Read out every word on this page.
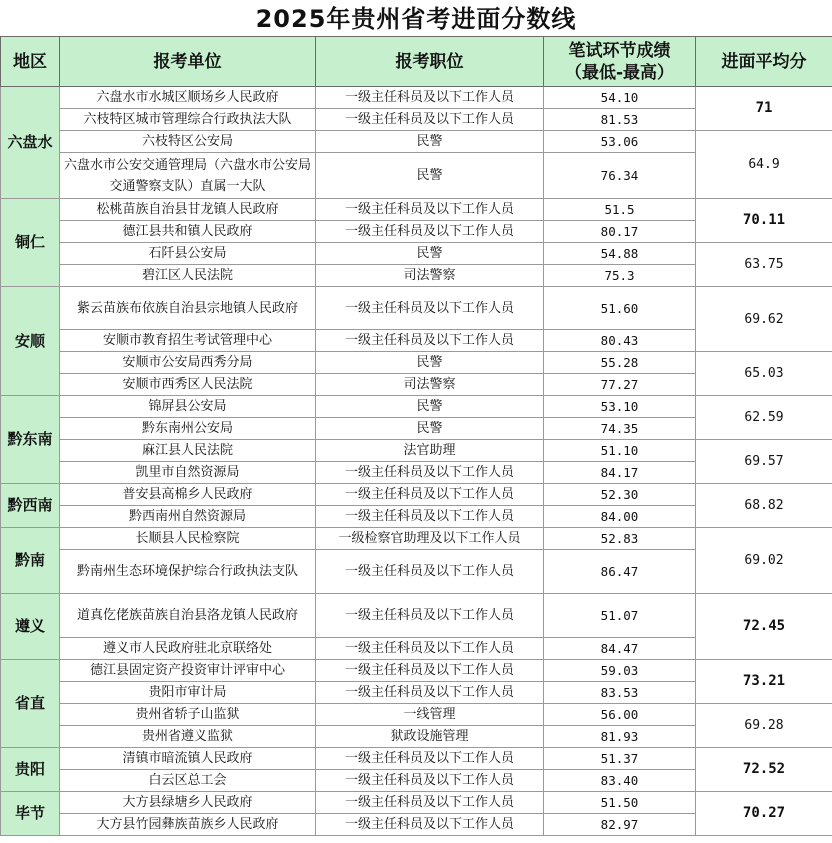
2025年贵州省考进面分数线
地区	报考单位	报考职位	笔试环节成绩
（最低-最高）	进面平均分
六盘水	六盘水市水城区顺场乡人民政府	一级主任科员及以下工作人员	54.10	71
	六枝特区城市管理综合行政执法大队	一级主任科员及以下工作人员	81.53	
	六枝特区公安局	民警	53.06	64.9
	六盘水市公安交通管理局（六盘水市公安局交通警察支队）直属一大队	民警	76.34	
铜仁	松桃苗族自治县甘龙镇人民政府	一级主任科员及以下工作人员	51.5	70.11
	德江县共和镇人民政府	一级主任科员及以下工作人员	80.17	
	石阡县公安局	民警	54.88	63.75
	碧江区人民法院	司法警察	75.3	
安顺	紫云苗族布依族自治县宗地镇人民政府	一级主任科员及以下工作人员	51.60	69.62
	安顺市教育招生考试管理中心	一级主任科员及以下工作人员	80.43	
	安顺市公安局西秀分局	民警	55.28	65.03
	安顺市西秀区人民法院	司法警察	77.27	
黔东南	锦屏县公安局	民警	53.10	62.59
	黔东南州公安局	民警	74.35	
	麻江县人民法院	法官助理	51.10	69.57
	凯里市自然资源局	一级主任科员及以下工作人员	84.17	
黔西南	普安县高棉乡人民政府	一级主任科员及以下工作人员	52.30	68.82
	黔西南州自然资源局	一级主任科员及以下工作人员	84.00	
黔南	长顺县人民检察院	一级检察官助理及以下工作人员	52.83	69.02
	黔南州生态环境保护综合行政执法支队	一级主任科员及以下工作人员	86.47	
遵义	道真仡佬族苗族自治县洛龙镇人民政府	一级主任科员及以下工作人员	51.07	72.45
	遵义市人民政府驻北京联络处	一级主任科员及以下工作人员	84.47	
省直	德江县固定资产投资审计评审中心	一级主任科员及以下工作人员	59.03	73.21
	贵阳市审计局	一级主任科员及以下工作人员	83.53	
	贵州省轿子山监狱	一线管理	56.00	69.28
	贵州省遵义监狱	狱政设施管理	81.93	
贵阳	清镇市暗流镇人民政府	一级主任科员及以下工作人员	51.37	72.52
	白云区总工会	一级主任科员及以下工作人员	83.40	
毕节	大方县绿塘乡人民政府	一级主任科员及以下工作人员	51.50	70.27
	大方县竹园彝族苗族乡人民政府	一级主任科员及以下工作人员	82.97	
